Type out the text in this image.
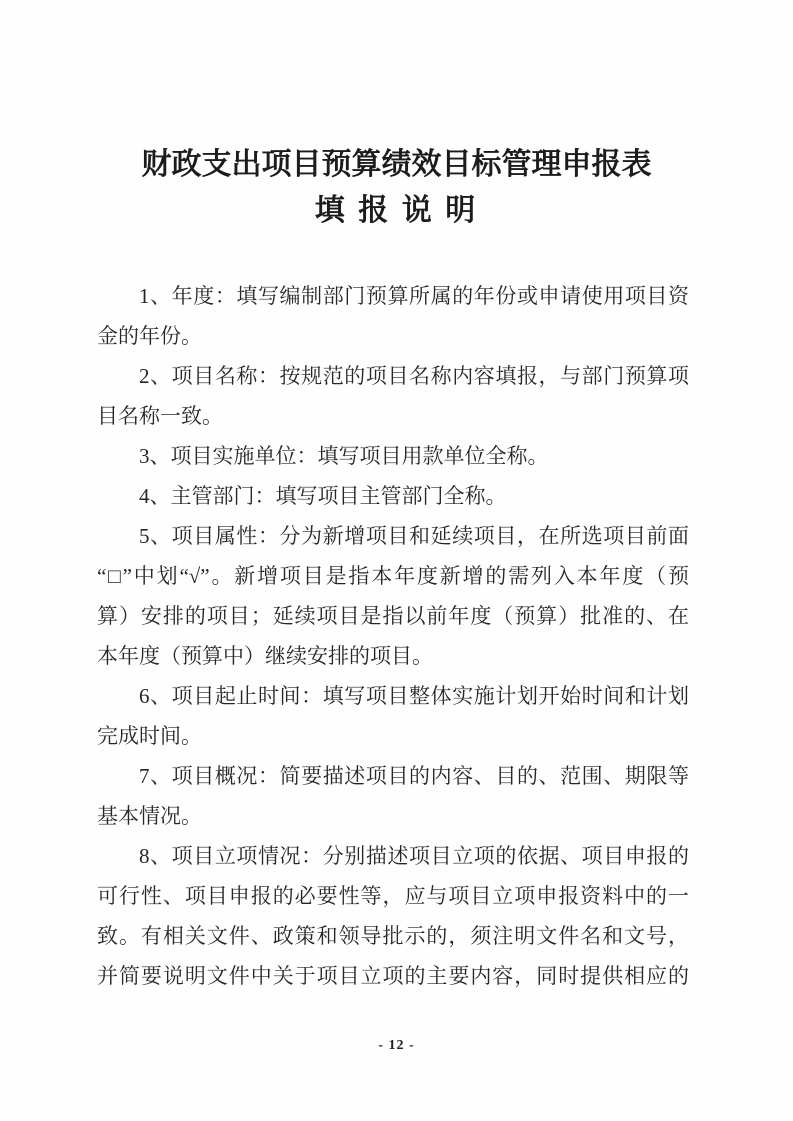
财政支出项目预算绩效目标管理申报表
填 报 说 明
1、年度：填写编制部门预算所属的年份或申请使用项目资
金的年份。
2、项目名称：按规范的项目名称内容填报，与部门预算项
目名称一致。
3、项目实施单位：填写项目用款单位全称。
4、主管部门：填写项目主管部门全称。
5、项目属性：分为新增项目和延续项目，在所选项目前面
“□”中划“√”。新增项目是指本年度新增的需列入本年度（预
算）安排的项目；延续项目是指以前年度（预算）批准的、在
本年度（预算中）继续安排的项目。
6、项目起止时间：填写项目整体实施计划开始时间和计划
完成时间。
7、项目概况：简要描述项目的内容、目的、范围、期限等
基本情况。
8、项目立项情况：分别描述项目立项的依据、项目申报的
可行性、项目申报的必要性等，应与项目立项申报资料中的一
致。有相关文件、政策和领导批示的，须注明文件名和文号，
并简要说明文件中关于项目立项的主要内容，同时提供相应的
- 12 -
